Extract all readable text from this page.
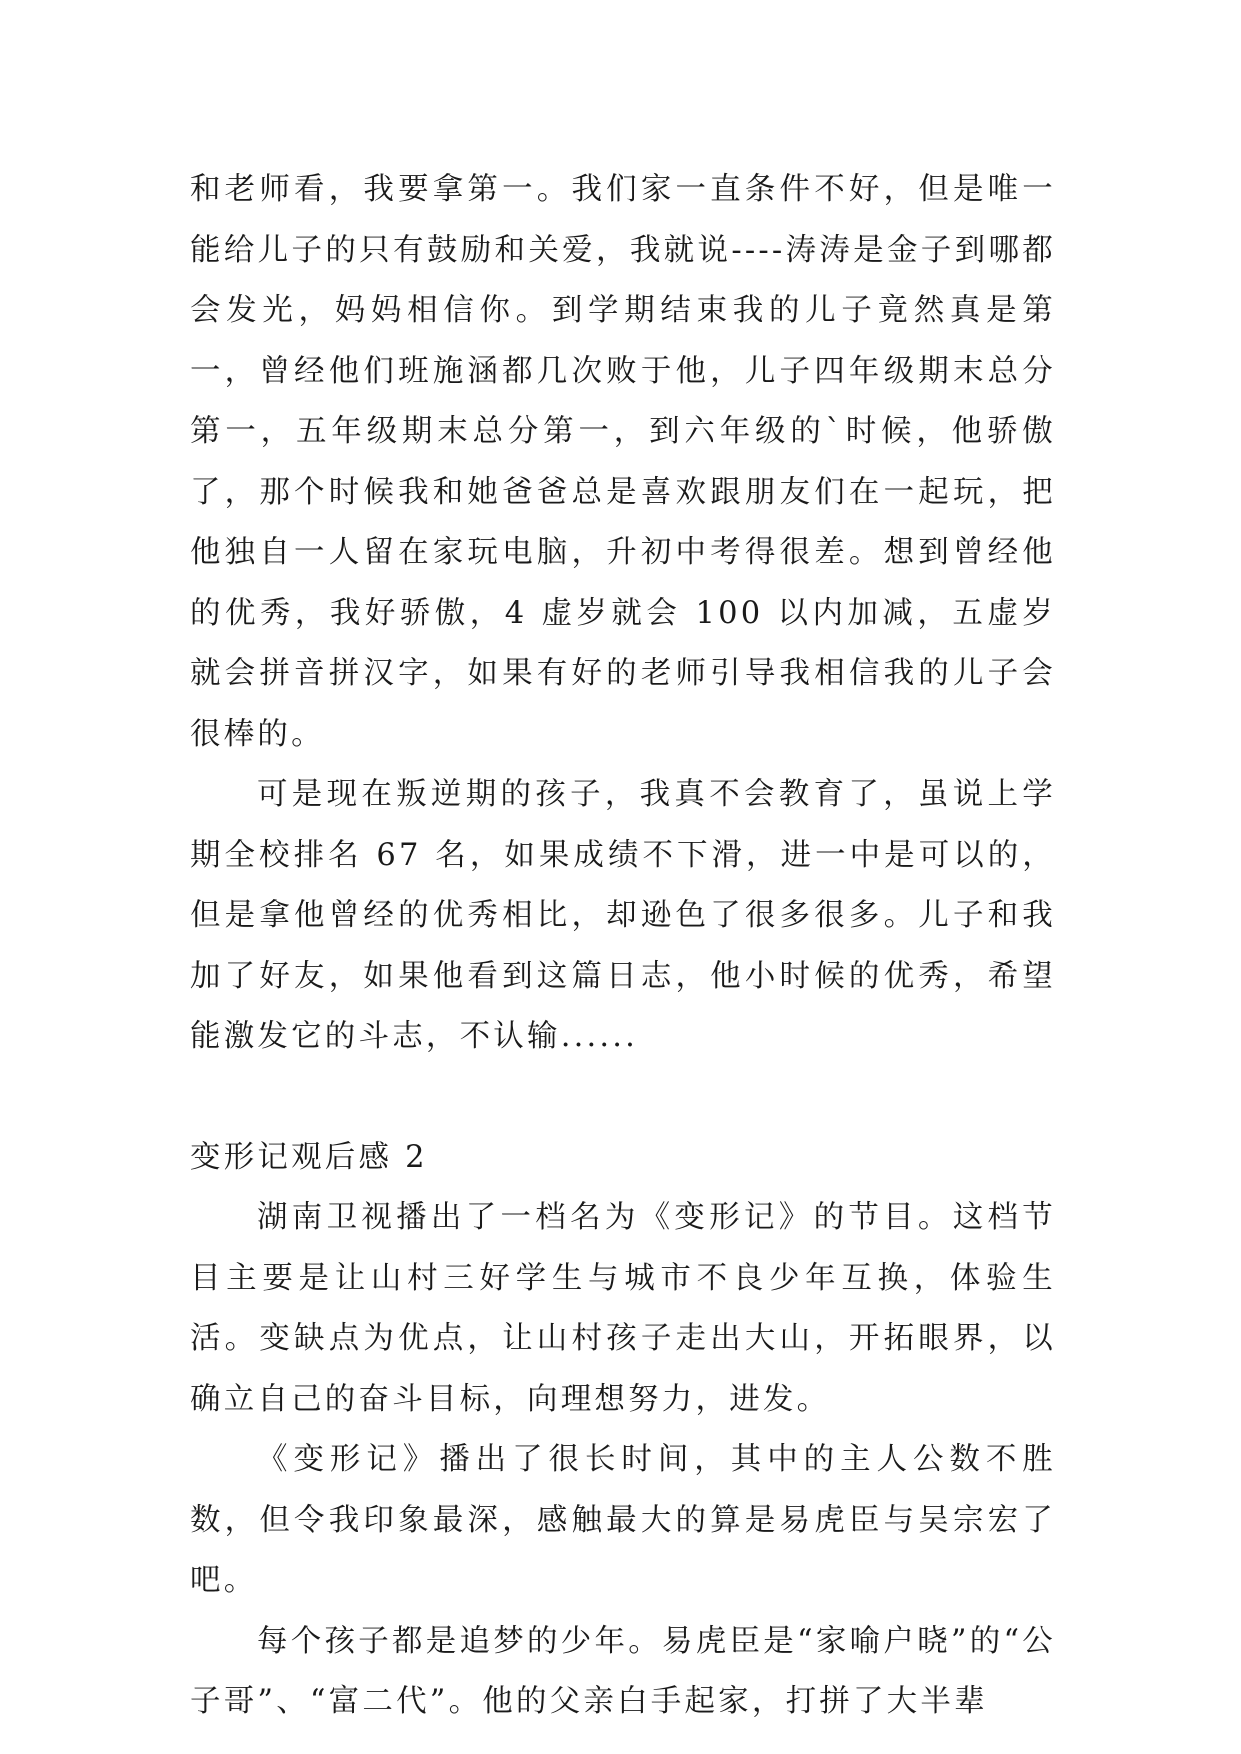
和老师看，我要拿第一。我们家一直条件不好，但是唯一能给儿子的只有鼓励和关爱，我就说----涛涛是金子到哪都会发光，妈妈相信你。到学期结束我的儿子竟然真是第一，曾经他们班施涵都几次败于他，儿子四年级期末总分第一，五年级期末总分第一，到六年级的`时候，他骄傲了，那个时候我和她爸爸总是喜欢跟朋友们在一起玩，把他独自一人留在家玩电脑，升初中考得很差。想到曾经他的优秀，我好骄傲，4 虚岁就会 100 以内加减，五虚岁就会拼音拼汉字，如果有好的老师引导我相信我的儿子会很棒的。

可是现在叛逆期的孩子，我真不会教育了，虽说上学期全校排名 67 名，如果成绩不下滑，进一中是可以的，但是拿他曾经的优秀相比，却逊色了很多很多。儿子和我加了好友，如果他看到这篇日志，他小时候的优秀，希望能激发它的斗志，不认输......

变形记观后感 2

湖南卫视播出了一档名为《变形记》的节目。这档节目主要是让山村三好学生与城市不良少年互换，体验生活。变缺点为优点，让山村孩子走出大山，开拓眼界，以确立自己的奋斗目标，向理想努力，进发。

《变形记》播出了很长时间，其中的主人公数不胜数，但令我印象最深，感触最大的算是易虎臣与吴宗宏了吧。

每个孩子都是追梦的少年。易虎臣是“家喻户晓”的“公子哥”、“富二代”。他的父亲白手起家，打拼了大半辈
